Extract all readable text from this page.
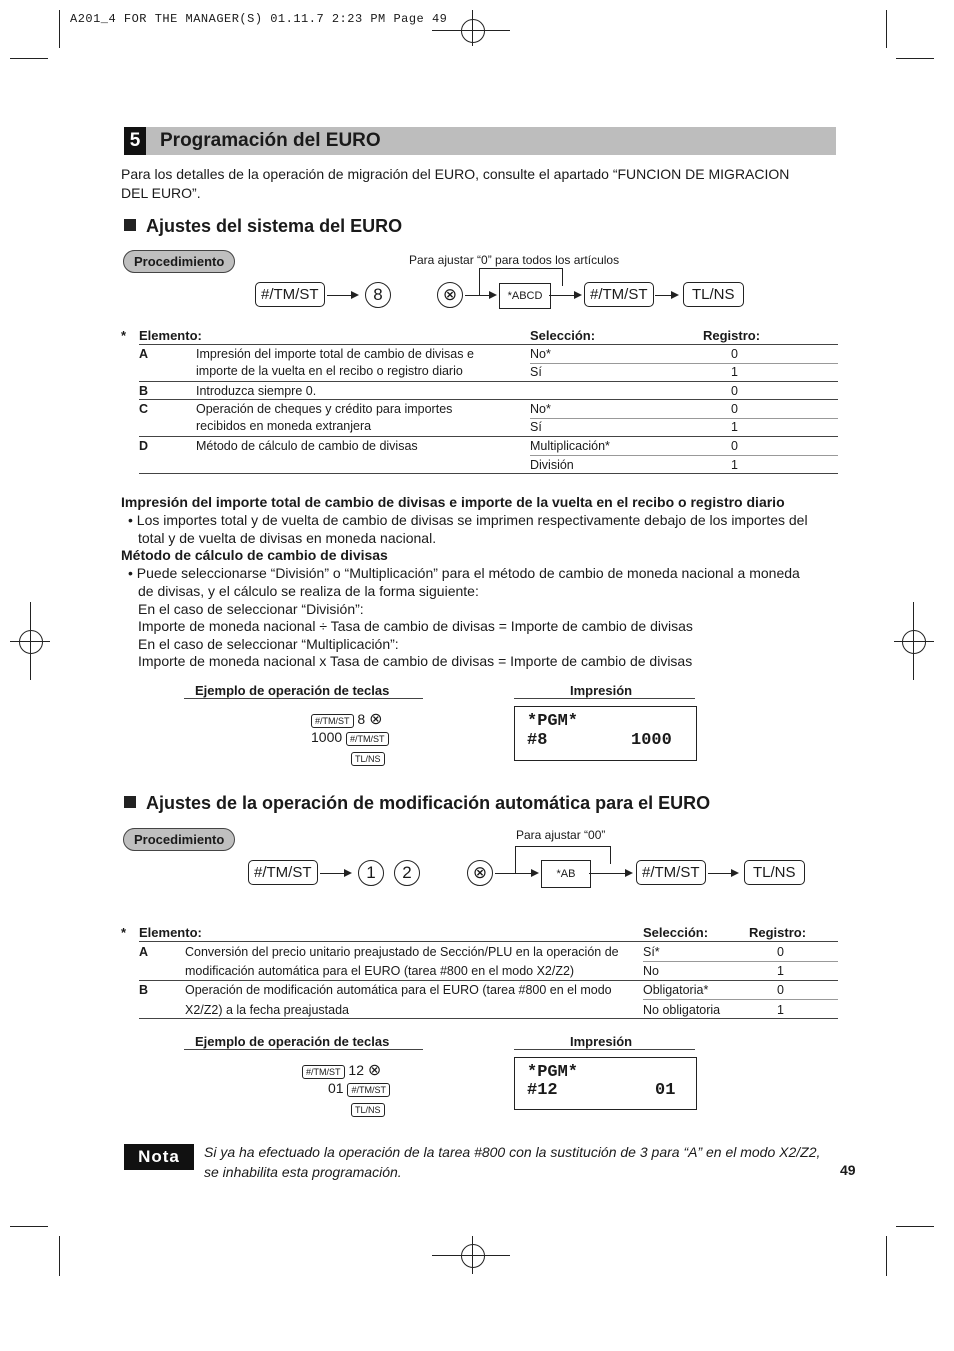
A201_4 FOR THE MANAGER(S) 01.11.7 2:23 PM Page 49
5	Programación del EURO
Para los detalles de la operación de migración del EURO, consulte el apartado “FUNCION DE MIGRACION
DEL EURO”.
Ajustes del sistema del EURO
Procedimiento	Para ajustar “0” para todos los artículos
#/TM/ST	8	⊗	*ABCD	#/TM/ST	TL/NS
* Elemento:	Selección:	Registro:
A	Impresión del importe total de cambio de divisas e
importe de la vuelta en el recibo o registro diario
No*	0
Sí	1
B	Introduzca siempre 0.	0
C	Operación de cheques y crédito para importes
recibidos en moneda extranjera
No*	0
Sí	1
D	Método de cálculo de cambio de divisas	Multiplicación*	0
División	1
Impresión del importe total de cambio de divisas e importe de la vuelta en el recibo o registro diario
• Los importes total y de vuelta de cambio de divisas se imprimen respectivamente debajo de los importes del
total y de vuelta de divisas en moneda nacional.
Método de cálculo de cambio de divisas
• Puede seleccionarse “División” o “Multiplicación” para el método de cambio de moneda nacional a moneda
de divisas, y el cálculo se realiza de la forma siguiente:
En el caso de seleccionar “División”:
Importe de moneda nacional ÷ Tasa de cambio de divisas = Importe de cambio de divisas
En el caso de seleccionar “Multiplicación”:
Importe de moneda nacional x Tasa de cambio de divisas = Importe de cambio de divisas
Ejemplo de operación de teclas	Impresión
#/TM/ST 8 ⊗
1000 #/TM/ST
TL/NS
*PGM*
#8	1000
Ajustes de la operación de modificación automática para el EURO
Procedimiento	Para ajustar “00”
#/TM/ST	1	2	⊗	*AB	#/TM/ST	TL/NS
* Elemento:	Selección:	Registro:
A	Conversión del precio unitario preajustado de Sección/PLU en la operación de
modificación automática para el EURO (tarea #800 en el modo X2/Z2)
Sí*	0
No	1
B	Operación de modificación automática para el EURO (tarea #800 en el modo
X2/Z2) a la fecha preajustada
Obligatoria*	0
No obligatoria	1
Ejemplo de operación de teclas	Impresión
#/TM/ST 12 ⊗
01 #/TM/ST
TL/NS
*PGM*
#12	01
Nota	Si ya ha efectuado la operación de la tarea #800 con la sustitución de 3 para “A” en el modo X2/Z2,
se inhabilita esta programación.	49
